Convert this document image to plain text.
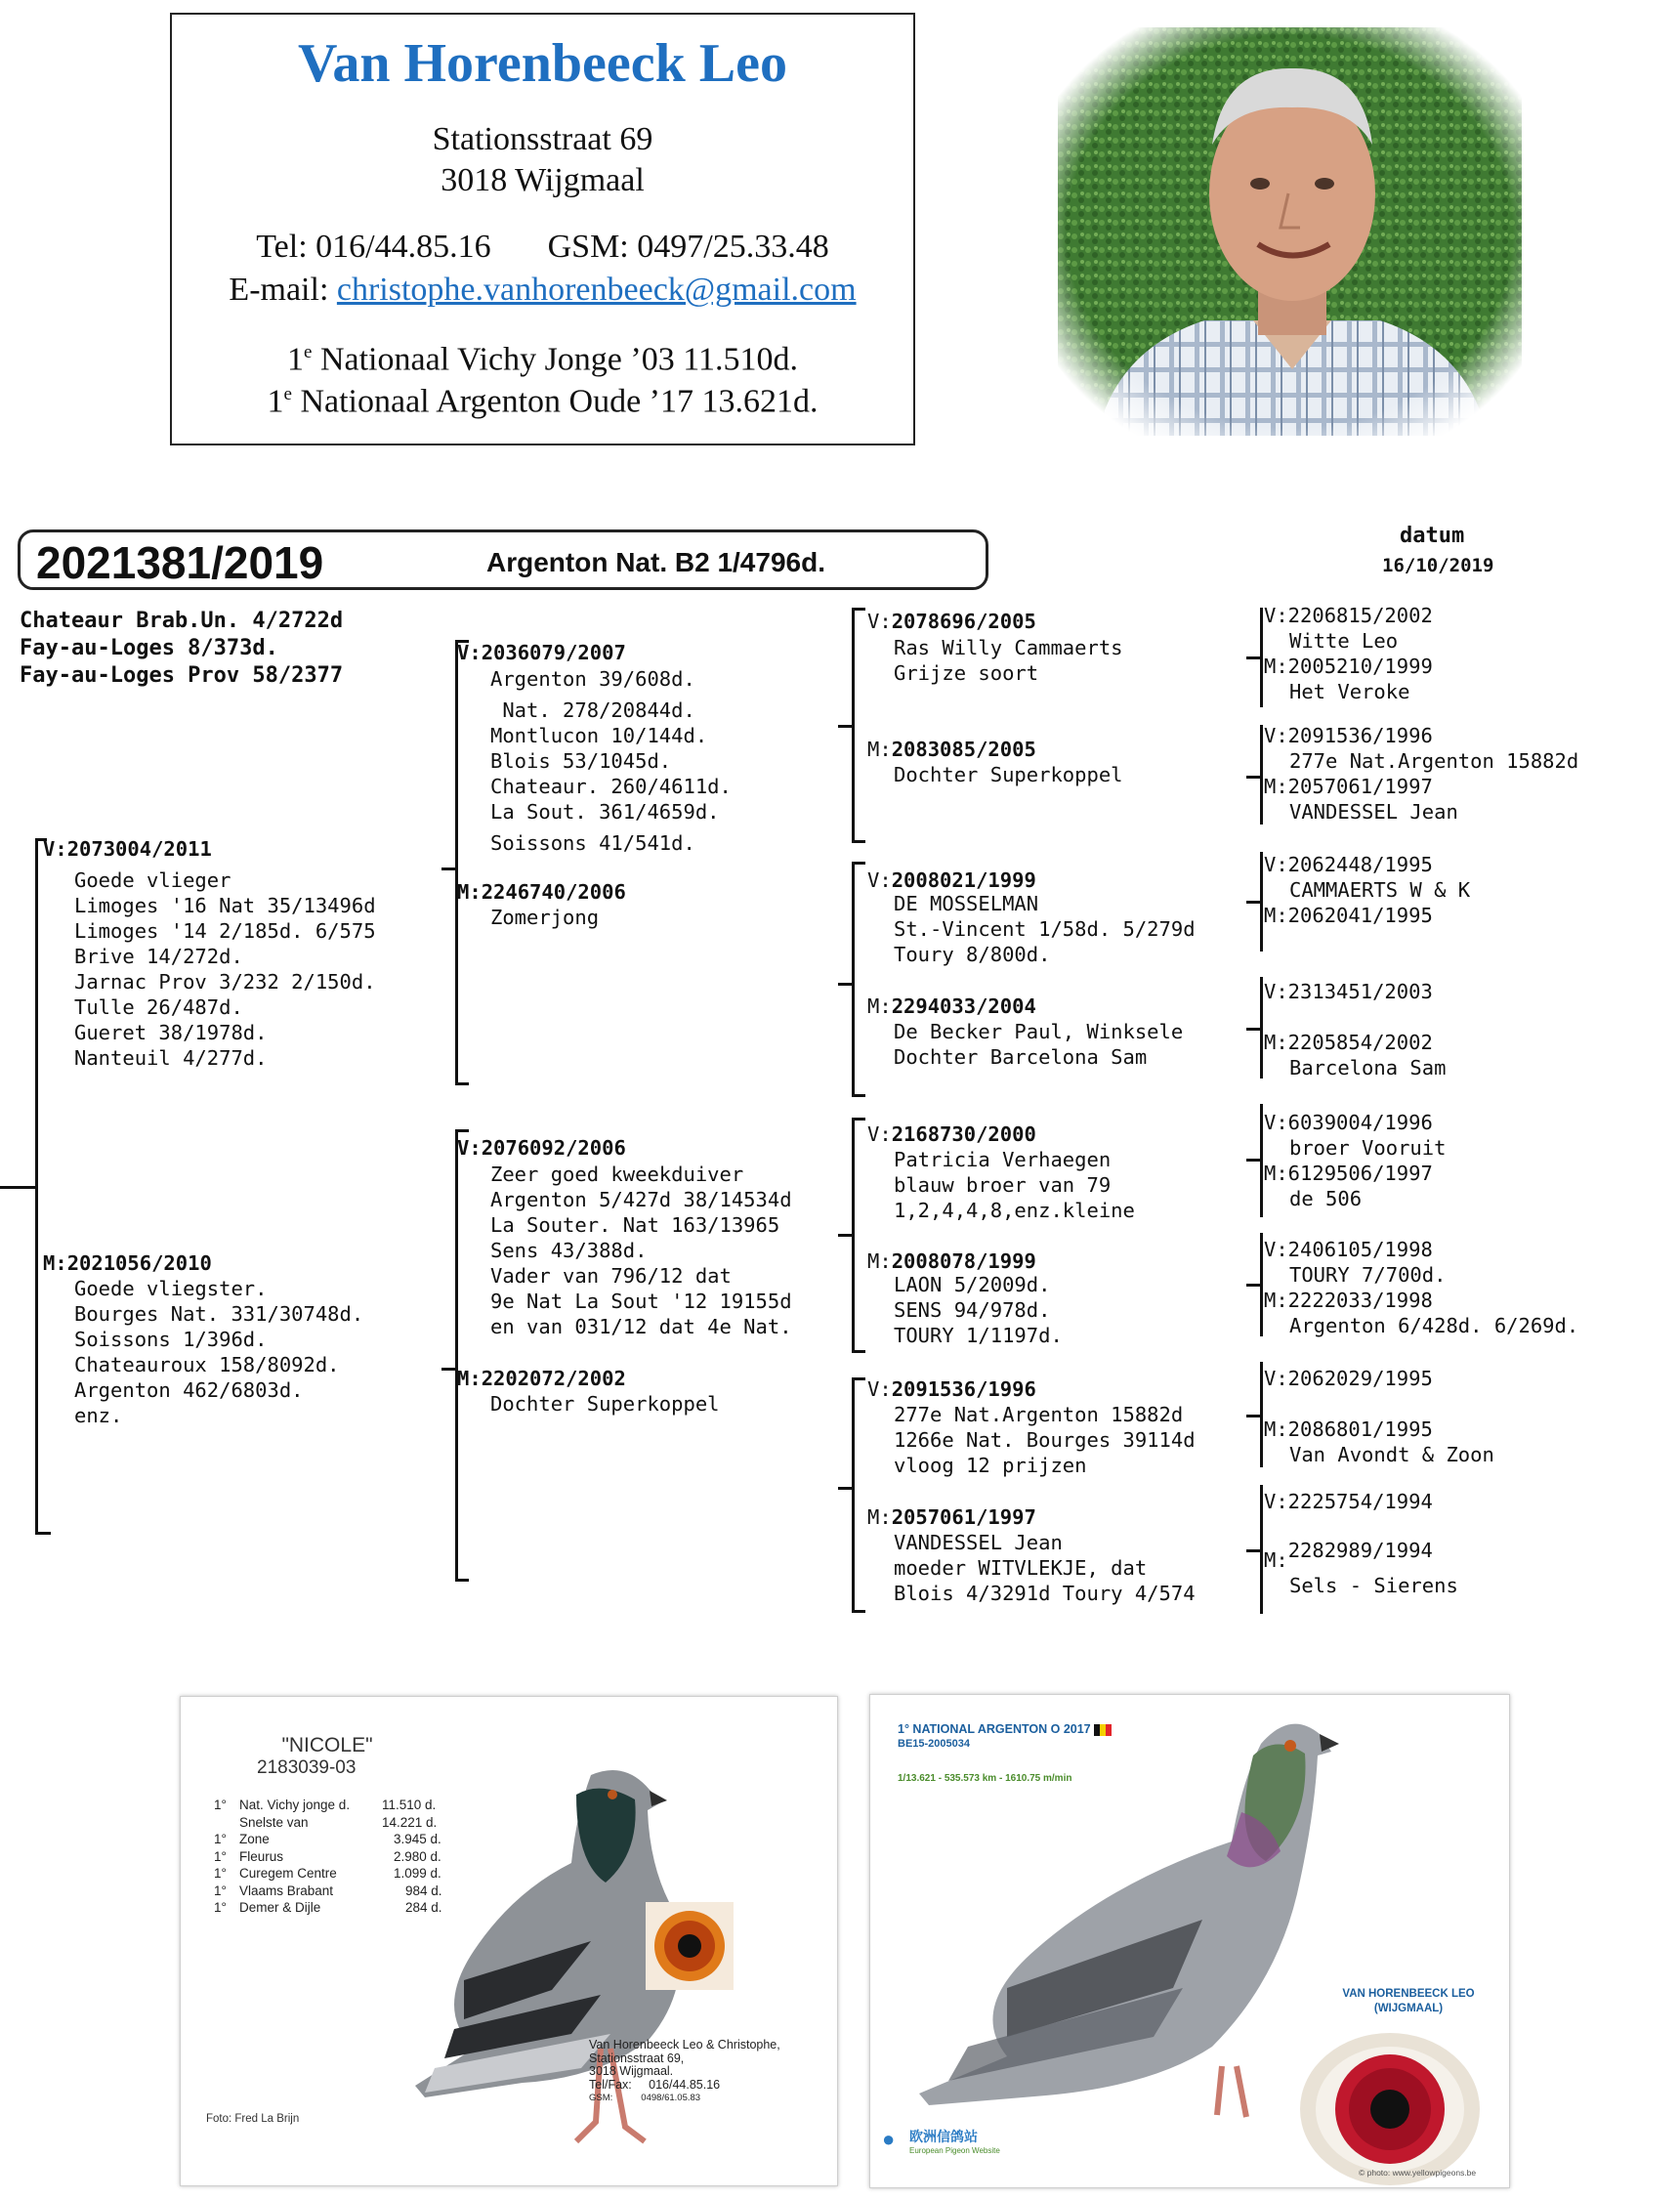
Van Horenbeeck Leo
Stationsstraat 69
3018 Wijgmaal
Tel: 016/44.85.16 GSM: 0497/25.33.48
E-mail: christophe.vanhorenbeeck@gmail.com
1e Nationaal Vichy Jonge ’03 11.510d.
1e Nationaal Argenton Oude ’17 13.621d.
2021381/2019	Argenton Nat. B2 1/4796d.
datum
16/10/2019
Chateaur Brab.Un. 4/2722d
Fay-au-Loges 8/373d.
Fay-au-Loges Prov 58/2377
V:2073004/2011
Goede vlieger
Limoges '16 Nat 35/13496d
Limoges '14 2/185d. 6/575
Brive 14/272d.
Jarnac Prov 3/232 2/150d.
Tulle 26/487d.
Gueret 38/1978d.
Nanteuil 4/277d.
M:2021056/2010
Goede vliegster.
Bourges Nat. 331/30748d.
Soissons 1/396d.
Chateauroux 158/8092d.
Argenton 462/6803d.
enz.
V:2036079/2007
Argenton 39/608d.
Nat. 278/20844d.
Montlucon 10/144d.
Blois 53/1045d.
Chateaur. 260/4611d.
La Sout. 361/4659d.
Soissons 41/541d.
M:2246740/2006
Zomerjong
V:2076092/2006
Zeer goed kweekduiver
Argenton 5/427d 38/14534d
La Souter. Nat 163/13965
Sens 43/388d.
Vader van 796/12 dat
9e Nat La Sout '12 19155d
en van 031/12 dat 4e Nat.
M:2202072/2002
Dochter Superkoppel
V:2078696/2005
Ras Willy Cammaerts
Grijze soort
M:2083085/2005
Dochter Superkoppel
V:2008021/1999
DE MOSSELMAN
St.-Vincent 1/58d. 5/279d
Toury 8/800d.
M:2294033/2004
De Becker Paul, Winksele
Dochter Barcelona Sam
V:2168730/2000
Patricia Verhaegen
blauw broer van 79
1,2,4,4,8,enz.kleine
M:2008078/1999
LAON 5/2009d.
SENS 94/978d.
TOURY 1/1197d.
V:2091536/1996
277e Nat.Argenton 15882d
1266e Nat. Bourges 39114d
vloog 12 prijzen
M:2057061/1997
VANDESSEL Jean
moeder WITVLEKJE, dat
Blois 4/3291d Toury 4/574
V:2206815/2002
Witte Leo
M:2005210/1999
Het Veroke
V:2091536/1996
277e Nat.Argenton 15882d
M:2057061/1997
VANDESSEL Jean
V:2062448/1995
CAMMAERTS W & K
M:2062041/1995
V:2313451/2003
M:2205854/2002
Barcelona Sam
V:6039004/1996
broer Vooruit
M:6129506/1997
de 506
V:2406105/1998
TOURY 7/700d.
M:2222033/1998
Argenton 6/428d. 6/269d.
V:2062029/1995
M:2086801/1995
Van Avondt & Zoon
V:2225754/1994
M:2282989/1994
Sels - Sierens
"NICOLE"
2183039-03
1° Nat. Vichy jonge d. 11.510 d.
Snelste van	14.221 d.
1° Zone	3.945 d.
1° Fleurus	2.980 d.
1° Curegem Centre	1.099 d.
1° Vlaams Brabant	984 d.
1° Demer & Dijle	284 d.
Van Horenbeeck Leo & Christophe,
Stationsstraat 69,
3018 Wijgmaal.
Tel/Fax:     016/44.85.16
GSM:           0498/61.05.83
Foto: Fred La Brijn
1° NATIONAL ARGENTON O 2017
BE15-2005034
1/13.621 - 535.573 km - 1610.75 m/min
VAN HORENBEECK LEO
(WIJGMAAL)
● 欧洲信鸽站
European Pigeon Website
© photo: www.yellowpigeons.be
